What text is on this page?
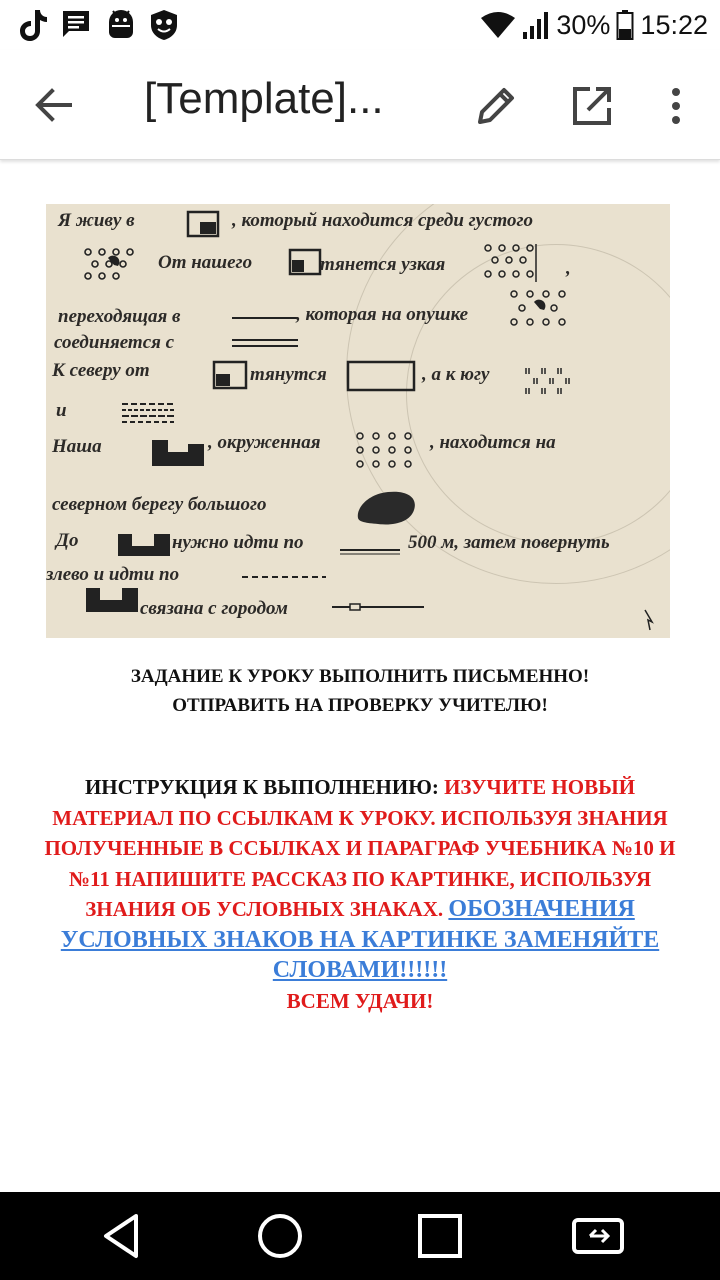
30% 15:22
[Template]...
Я живу в	, который находится среди густого
От нашего	тянется узкая	,
переходящая в	, которая на опушке
соединяется с
К северу от	тянутся	, а к югу
и
Наша	, окруженная	, находится на
северном берегу большого
До	нужно идти по	500 м, затем повернуть
злево и идти по
связана с городом
ЗАДАНИЕ К УРОКУ ВЫПОЛНИТЬ ПИСЬМЕННО!
ОТПРАВИТЬ НА ПРОВЕРКУ УЧИТЕЛЮ!
ИНСТРУКЦИЯ К ВЫПОЛНЕНИЮ: ИЗУЧИТЕ НОВЫЙ МАТЕРИАЛ ПО ССЫЛКАМ К УРОКУ. ИСПОЛЬЗУЯ ЗНАНИЯ ПОЛУЧЕННЫЕ В ССЫЛКАХ И ПАРАГРАФ УЧЕБНИКА №10 И №11 НАПИШИТЕ РАССКАЗ ПО КАРТИНКЕ, ИСПОЛЬЗУЯ ЗНАНИЯ ОБ УСЛОВНЫХ ЗНАКАХ. ОБОЗНАЧЕНИЯ УСЛОВНЫХ ЗНАКОВ НА КАРТИНКЕ ЗАМЕНЯЙТЕ СЛОВАМИ!!!!!!
ВСЕМ УДАЧИ!
